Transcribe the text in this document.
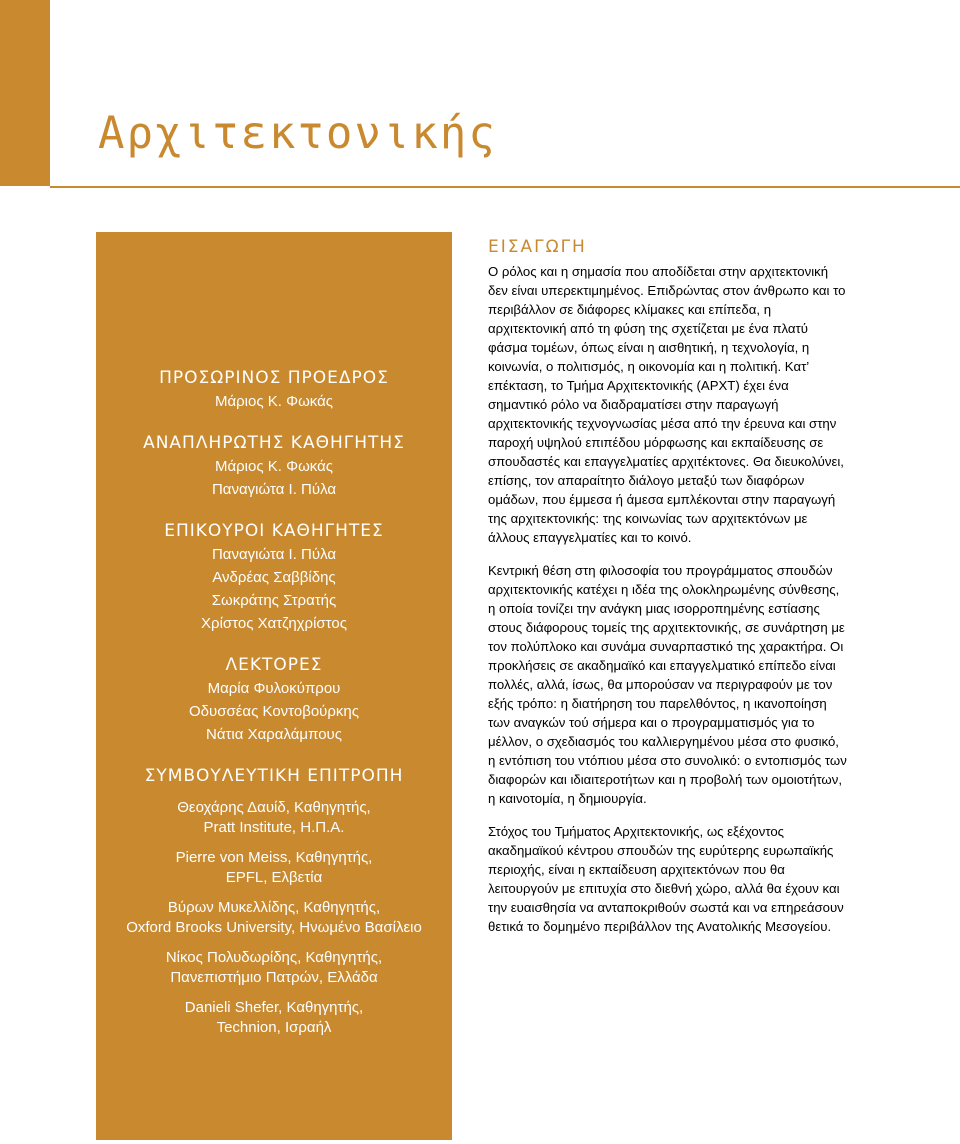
Αρχιτεκτονικής
ΠΡΟΣΩΡΙΝΟΣ ΠΡΟΕΔΡΟΣ
Μάριος Κ. Φωκάς
ΑΝΑΠΛΗΡΩΤΗΣ ΚΑΘΗΓΗΤΗΣ
Μάριος Κ. Φωκάς
Παναγιώτα Ι. Πύλα
ΕΠΙΚΟΥΡΟΙ ΚΑΘΗΓΗΤΕΣ
Παναγιώτα Ι. Πύλα
Ανδρέας Σαββίδης
Σωκράτης Στρατής
Χρίστος Χατζηχρίστος
ΛΕΚΤΟΡΕΣ
Μαρία Φυλοκύπρου
Οδυσσέας Κοντοβούρκης
Νάτια Χαραλάμπους
ΣΥΜΒΟΥΛΕΥΤΙΚΗ ΕΠΙΤΡΟΠΗ
Θεοχάρης Δαυίδ, Καθηγητής,
Pratt Institute, Η.Π.Α.
Pierre von Meiss, Καθηγητής,
EPFL, Ελβετία
Βύρων Μυκελλίδης, Καθηγητής,
Oxford Brooks University, Ηνωμένο Βασίλειο
Νίκος Πολυδωρίδης, Καθηγητής,
Πανεπιστήμιο Πατρών, Ελλάδα
Danieli Shefer, Καθηγητής,
Technion, Ισραήλ
ΕΙΣΑΓΩΓΗ

Ο ρόλος και η σημασία που αποδίδεται στην αρχιτεκτονική δεν είναι υπερεκτιμημένος. Επιδρώντας στον άνθρωπο και το περιβάλλον σε διάφορες κλίμακες και επίπεδα, η αρχιτεκτονική από τη φύση της σχετίζεται με ένα πλατύ φάσμα τομέων, όπως είναι η αισθητική, η τεχνολογία, η κοινωνία, ο πολιτισμός, η οικονομία και η πολιτική. Κατ’ επέκταση, το Τμήμα Αρχιτεκτονικής (ΑΡΧΤ) έχει ένα σημαντικό ρόλο να διαδραματίσει στην παραγωγή αρχιτεκτονικής τεχνογνωσίας μέσα από την έρευνα και στην παροχή υψηλού επιπέδου μόρφωσης και εκπαίδευσης σε σπουδαστές και επαγγελματίες αρχιτέκτονες. Θα διευκολύνει, επίσης, τον απαραίτητο διάλογο μεταξύ των διαφόρων ομάδων, που έμμεσα ή άμεσα εμπλέκονται στην παραγωγή της αρχιτεκτονικής: της κοινωνίας των αρχιτεκτόνων με άλλους επαγγελματίες και το κοινό.

Κεντρική θέση στη φιλοσοφία του προγράμματος σπουδών αρχιτεκτονικής κατέχει η ιδέα της ολοκληρωμένης σύνθεσης, η οποία τονίζει την ανάγκη μιας ισορροπημένης εστίασης στους διάφορους τομείς της αρχιτεκτονικής, σε συνάρτηση με τον πολύπλοκο και συνάμα συναρπαστικό της χαρακτήρα. Οι προκλήσεις σε ακαδημαϊκό και επαγγελματικό επίπεδο είναι πολλές, αλλά, ίσως, θα μπορούσαν να περιγραφούν με τον εξής τρόπο: η διατήρηση του παρελθόντος, η ικανοποίηση των αναγκών τού σήμερα και ο προγραμματισμός για το μέλλον, ο σχεδιασμός του καλλιεργημένου μέσα στο φυσικό, η εντόπιση του ντόπιου μέσα στο συνολικό: ο εντοπισμός των διαφορών και ιδιαιτεροτήτων και η προβολή των ομοιοτήτων, η καινοτομία, η δημιουργία.

Στόχος του Τμήματος Αρχιτεκτονικής, ως εξέχοντος ακαδημαϊκού κέντρου σπουδών της ευρύτερης ευρωπαϊκής περιοχής, είναι η εκπαίδευση αρχιτεκτόνων που θα λειτουργούν με επιτυχία στο διεθνή χώρο, αλλά θα έχουν και την ευαισθησία να ανταποκριθούν σωστά και να επηρεάσουν θετικά το δομημένο περιβάλλον της Ανατολικής Μεσογείου.
